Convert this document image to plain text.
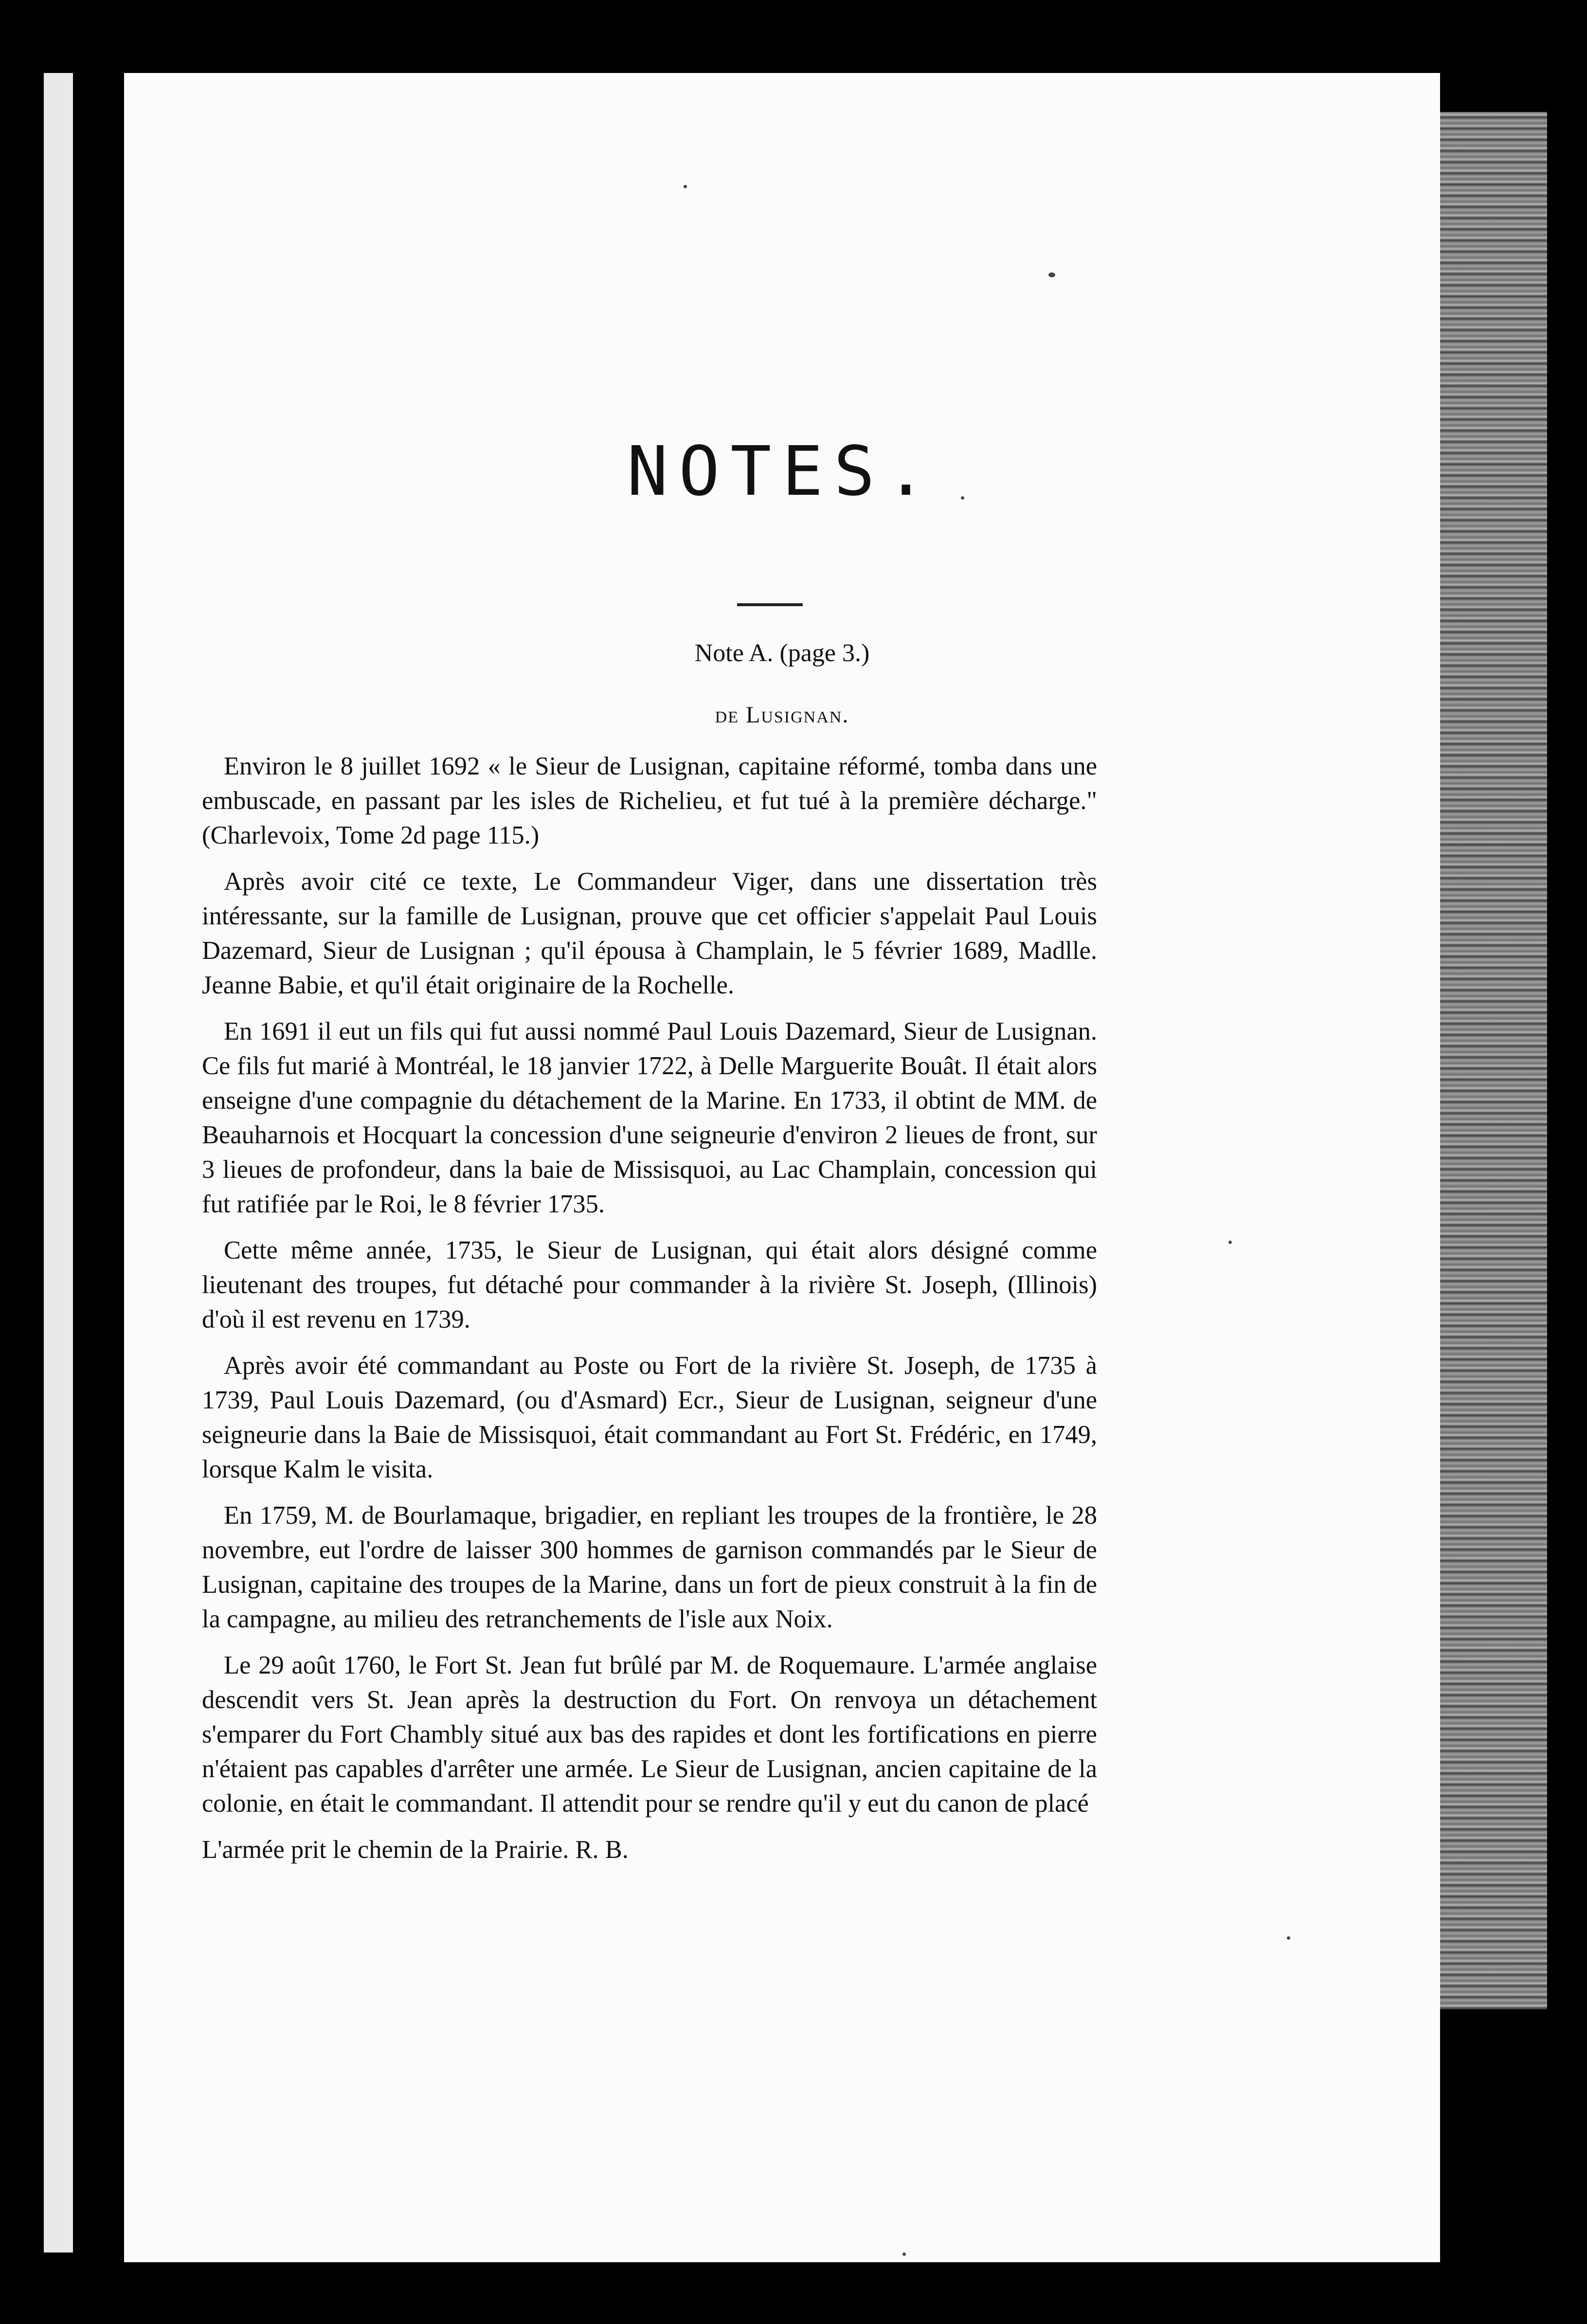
NOTES.
Note A. (page 3.)
de Lusignan.

Environ le 8 juillet 1692 « le Sieur de Lusignan, capitaine réformé, tomba dans une embuscade, en passant par les isles de Richelieu, et fut tué à la première décharge." (Charlevoix, Tome 2d page 115.)

Après avoir cité ce texte, Le Commandeur Viger, dans une dissertation très intéressante, sur la famille de Lusignan, prouve que cet officier s'appelait Paul Louis Dazemard, Sieur de Lusignan ; qu'il épousa à Champlain, le 5 février 1689, Madlle. Jeanne Babie, et qu'il était originaire de la Rochelle.

En 1691 il eut un fils qui fut aussi nommé Paul Louis Dazemard, Sieur de Lusignan. Ce fils fut marié à Montréal, le 18 janvier 1722, à Delle Marguerite Bouât. Il était alors enseigne d'une compagnie du détachement de la Marine. En 1733, il obtint de MM. de Beauharnois et Hocquart la concession d'une seigneurie d'environ 2 lieues de front, sur 3 lieues de profondeur, dans la baie de Missisquoi, au Lac Champlain, concession qui fut ratifiée par le Roi, le 8 février 1735.

Cette même année, 1735, le Sieur de Lusignan, qui était alors désigné comme lieutenant des troupes, fut détaché pour commander à la rivière St. Joseph, (Illinois) d'où il est revenu en 1739.

Après avoir été commandant au Poste ou Fort de la rivière St. Joseph, de 1735 à 1739, Paul Louis Dazemard, (ou d'Asmard) Ecr., Sieur de Lusignan, seigneur d'une seigneurie dans la Baie de Missisquoi, était commandant au Fort St. Frédéric, en 1749, lorsque Kalm le visita.

En 1759, M. de Bourlamaque, brigadier, en repliant les troupes de la frontière, le 28 novembre, eut l'ordre de laisser 300 hommes de garnison commandés par le Sieur de Lusignan, capitaine des troupes de la Marine, dans un fort de pieux construit à la fin de la campagne, au milieu des retranchements de l'isle aux Noix.

Le 29 août 1760, le Fort St. Jean fut brûlé par M. de Roquemaure. L'armée anglaise descendit vers St. Jean après la destruction du Fort. On renvoya un détachement s'emparer du Fort Chambly situé aux bas des rapides et dont les fortifications en pierre n'étaient pas capables d'arrêter une armée. Le Sieur de Lusignan, ancien capitaine de la colonie, en était le commandant. Il attendit pour se rendre qu'il y eut du canon de placé

L'armée prit le chemin de la Prairie. R. B.
